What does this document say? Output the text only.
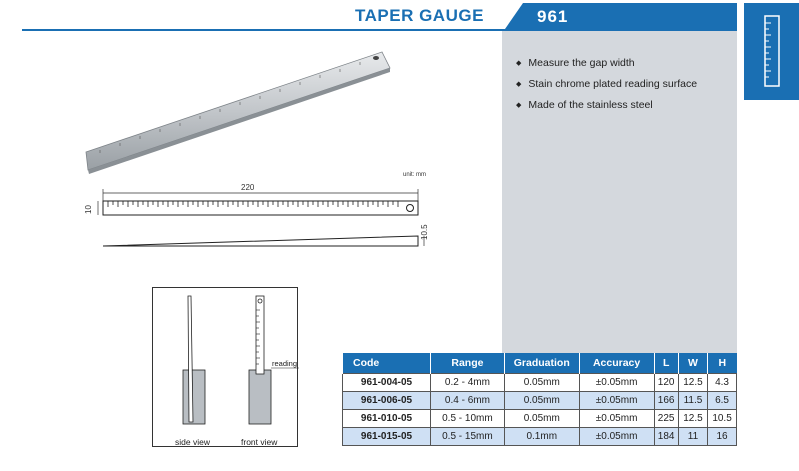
TAPER GAUGE	961
◆ Measure the gap width
◆ Stain chrome plated reading surface
◆ Made of the stainless steel
unit: mm
220
10
10.5
reading
side view	front view
Code	Range	Graduation	Accuracy	L	W	H
961-004-05	0.2 - 4mm	0.05mm	±0.05mm	120	12.5	4.3
961-006-05	0.4 - 6mm	0.05mm	±0.05mm	166	11.5	6.5
961-010-05	0.5 - 10mm	0.05mm	±0.05mm	225	12.5	10.5
961-015-05	0.5 - 15mm	0.1mm	±0.05mm	184	11	16
